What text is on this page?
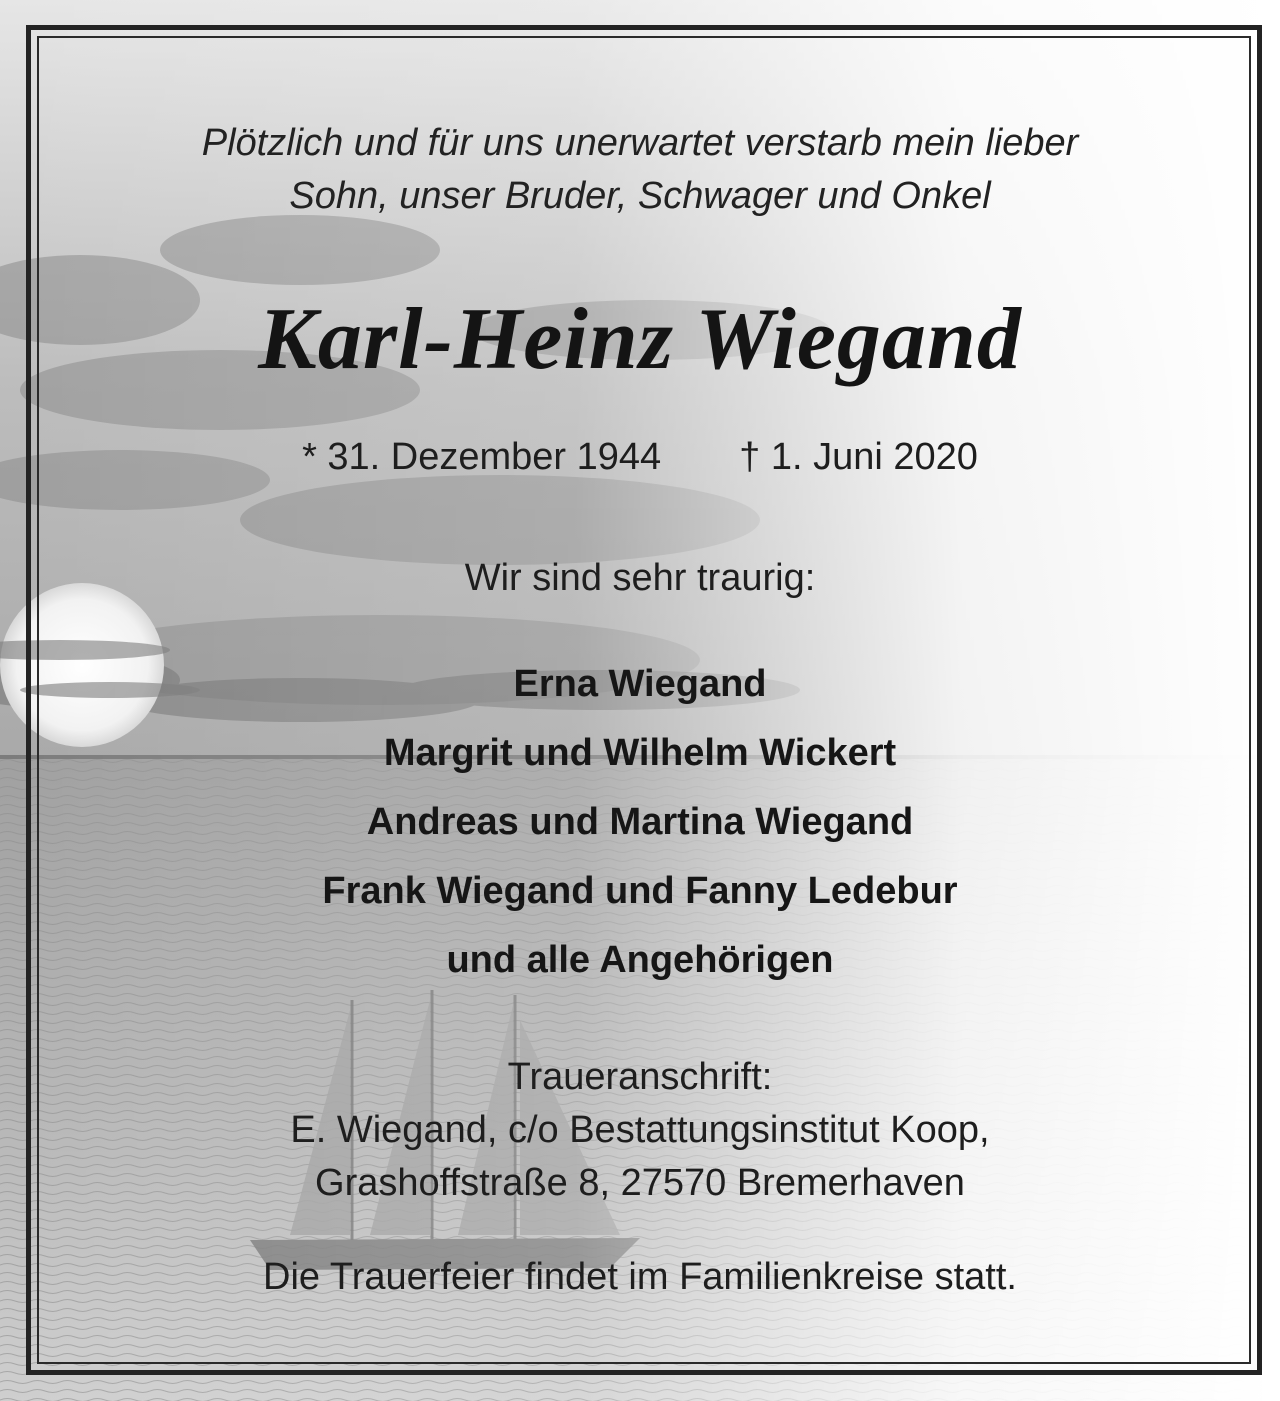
Plötzlich und für uns unerwartet verstarb mein lieber
Sohn, unser Bruder, Schwager und Onkel
Karl-Heinz Wiegand
* 31. Dezember 1944 † 1. Juni 2020
Wir sind sehr traurig:
Erna Wiegand
Margrit und Wilhelm Wickert
Andreas und Martina Wiegand
Frank Wiegand und Fanny Ledebur
und alle Angehörigen
Traueranschrift:
E. Wiegand, c/o Bestattungsinstitut Koop,
Grashoffstraße 8, 27570 Bremerhaven
Die Trauerfeier findet im Familienkreise statt.
